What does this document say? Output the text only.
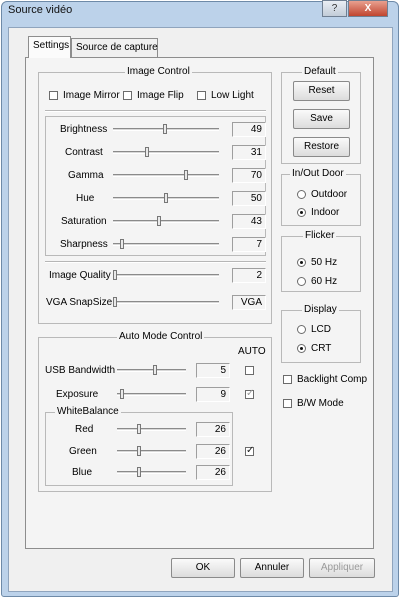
Source vidéo	?	X
Settings Source de capture
Image Control
Image Mirror Image Flip	Low Light
Brightness	49
Contrast	31
Gamma	70
Hue	50
Saturation	43
Sharpness	7
Image Quality	2
VGA SnapSize	VGA
Auto Mode Control
AUTO
USB Bandwidth	5
Exposure	9
✓
WhiteBalance
Red	26
Green	26
✓
Blue	26
Default
Reset
Save
Restore
In/Out Door
Outdoor
Indoor
Flicker
50 Hz
60 Hz
Display
LCD
CRT
Backlight Comp
B/W Mode
OK	Annuler	Appliquer
